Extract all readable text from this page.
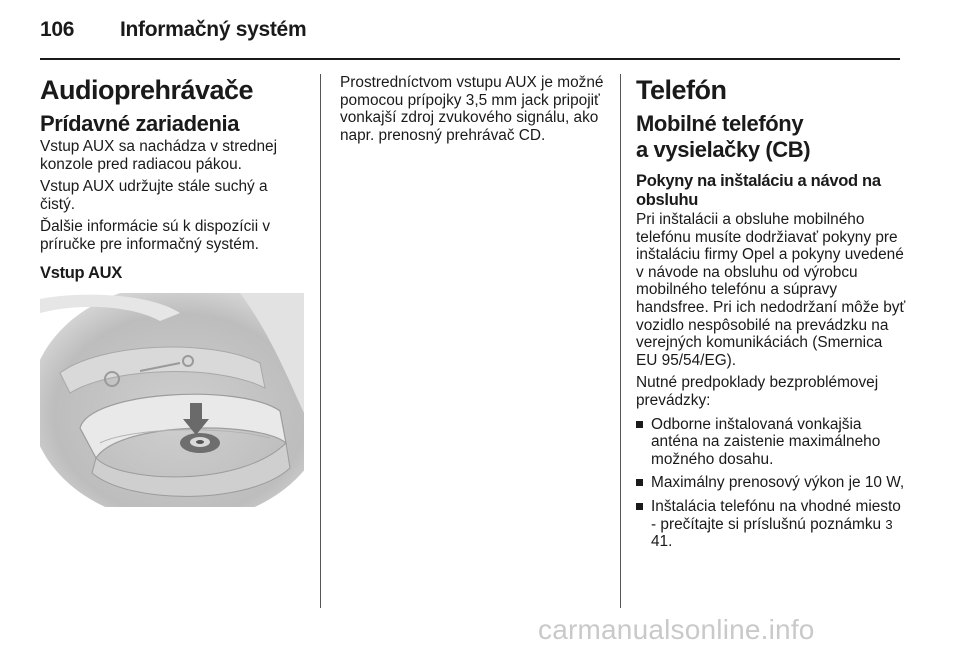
106 Informačný systém
Audioprehrávače
Prídavné zariadenia

Vstup AUX sa nachádza v strednej konzole pred radiacou pákou.

Vstup AUX udržujte stále suchý a čistý.

Ďalšie informácie sú k dispozícii v príručke pre informačný systém.

Vstup AUX

Prostredníctvom vstupu AUX je možné pomocou prípojky 3,5 mm jack pripojiť vonkajší zdroj zvukového signálu, ako napr. prenosný prehrávač CD.

Telefón
Mobilné telefóny
a vysielačky (CB)
Pokyny na inštaláciu a návod na obsluhu

Pri inštalácii a obsluhe mobilného telefónu musíte dodržiavať pokyny pre inštaláciu firmy Opel a pokyny uvedené v návode na obsluhu od výrobcu mobilného telefónu a súpravy handsfree. Pri ich nedodržaní môže byť vozidlo nespôsobilé na prevádzku na verejných komunikáciách (Smernica EU 95/54/EG).

Nutné predpoklady bezproblémovej prevádzky:

Odborne inštalovaná vonkajšia anténa na zaistenie maximálneho možného dosahu.
Maximálny prenosový výkon je 10 W,
Inštalácia telefónu na vhodné miesto - prečítajte si príslušnú poznámku 3 41.
carmanualsonline.info
